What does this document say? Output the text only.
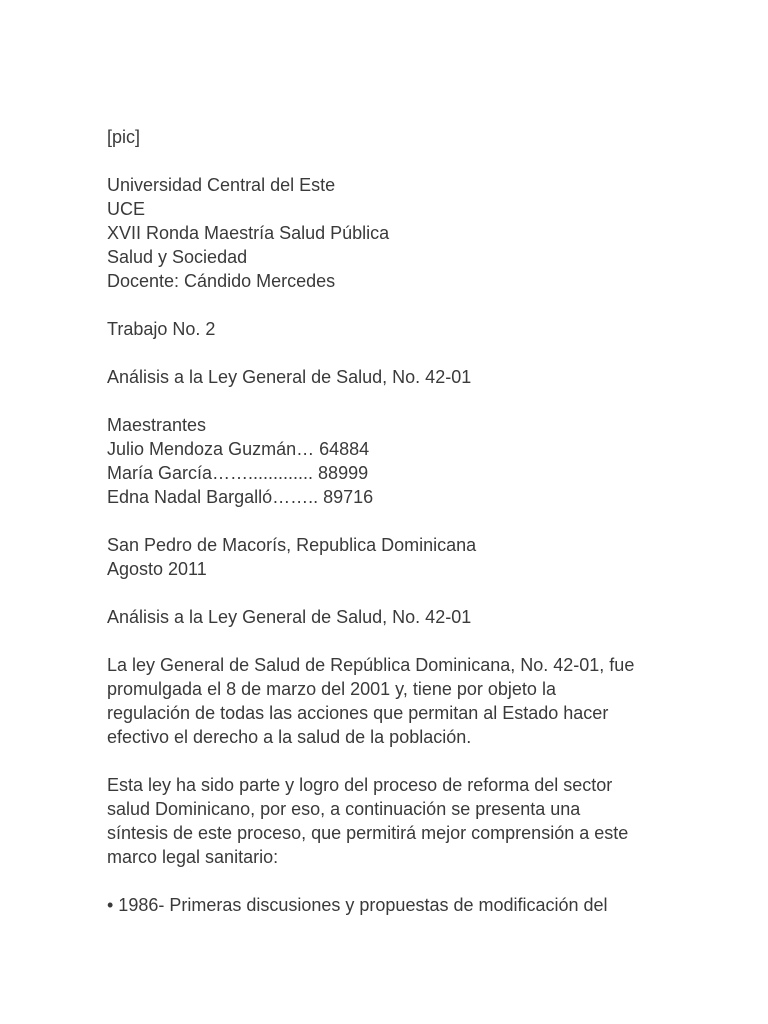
[pic]
Universidad Central del Este
UCE
XVII Ronda Maestría Salud Pública
Salud y Sociedad
Docente: Cándido Mercedes
Trabajo No. 2
Análisis a la Ley General de Salud, No. 42-01
Maestrantes
Julio Mendoza Guzmán… 64884
María García……............. 88999
Edna Nadal Bargalló…….. 89716
San Pedro de Macorís, Republica Dominicana
Agosto 2011
Análisis a la Ley General de Salud, No. 42-01
La ley General de Salud de República Dominicana, No. 42-01, fue
promulgada el 8 de marzo del 2001 y, tiene por objeto la
regulación de todas las acciones que permitan al Estado hacer
efectivo el derecho a la salud de la población.
Esta ley ha sido parte y logro del proceso de reforma del sector
salud Dominicano, por eso, a continuación se presenta una
síntesis de este proceso, que permitirá mejor comprensión a este
marco legal sanitario:
• 1986- Primeras discusiones y propuestas de modificación del
